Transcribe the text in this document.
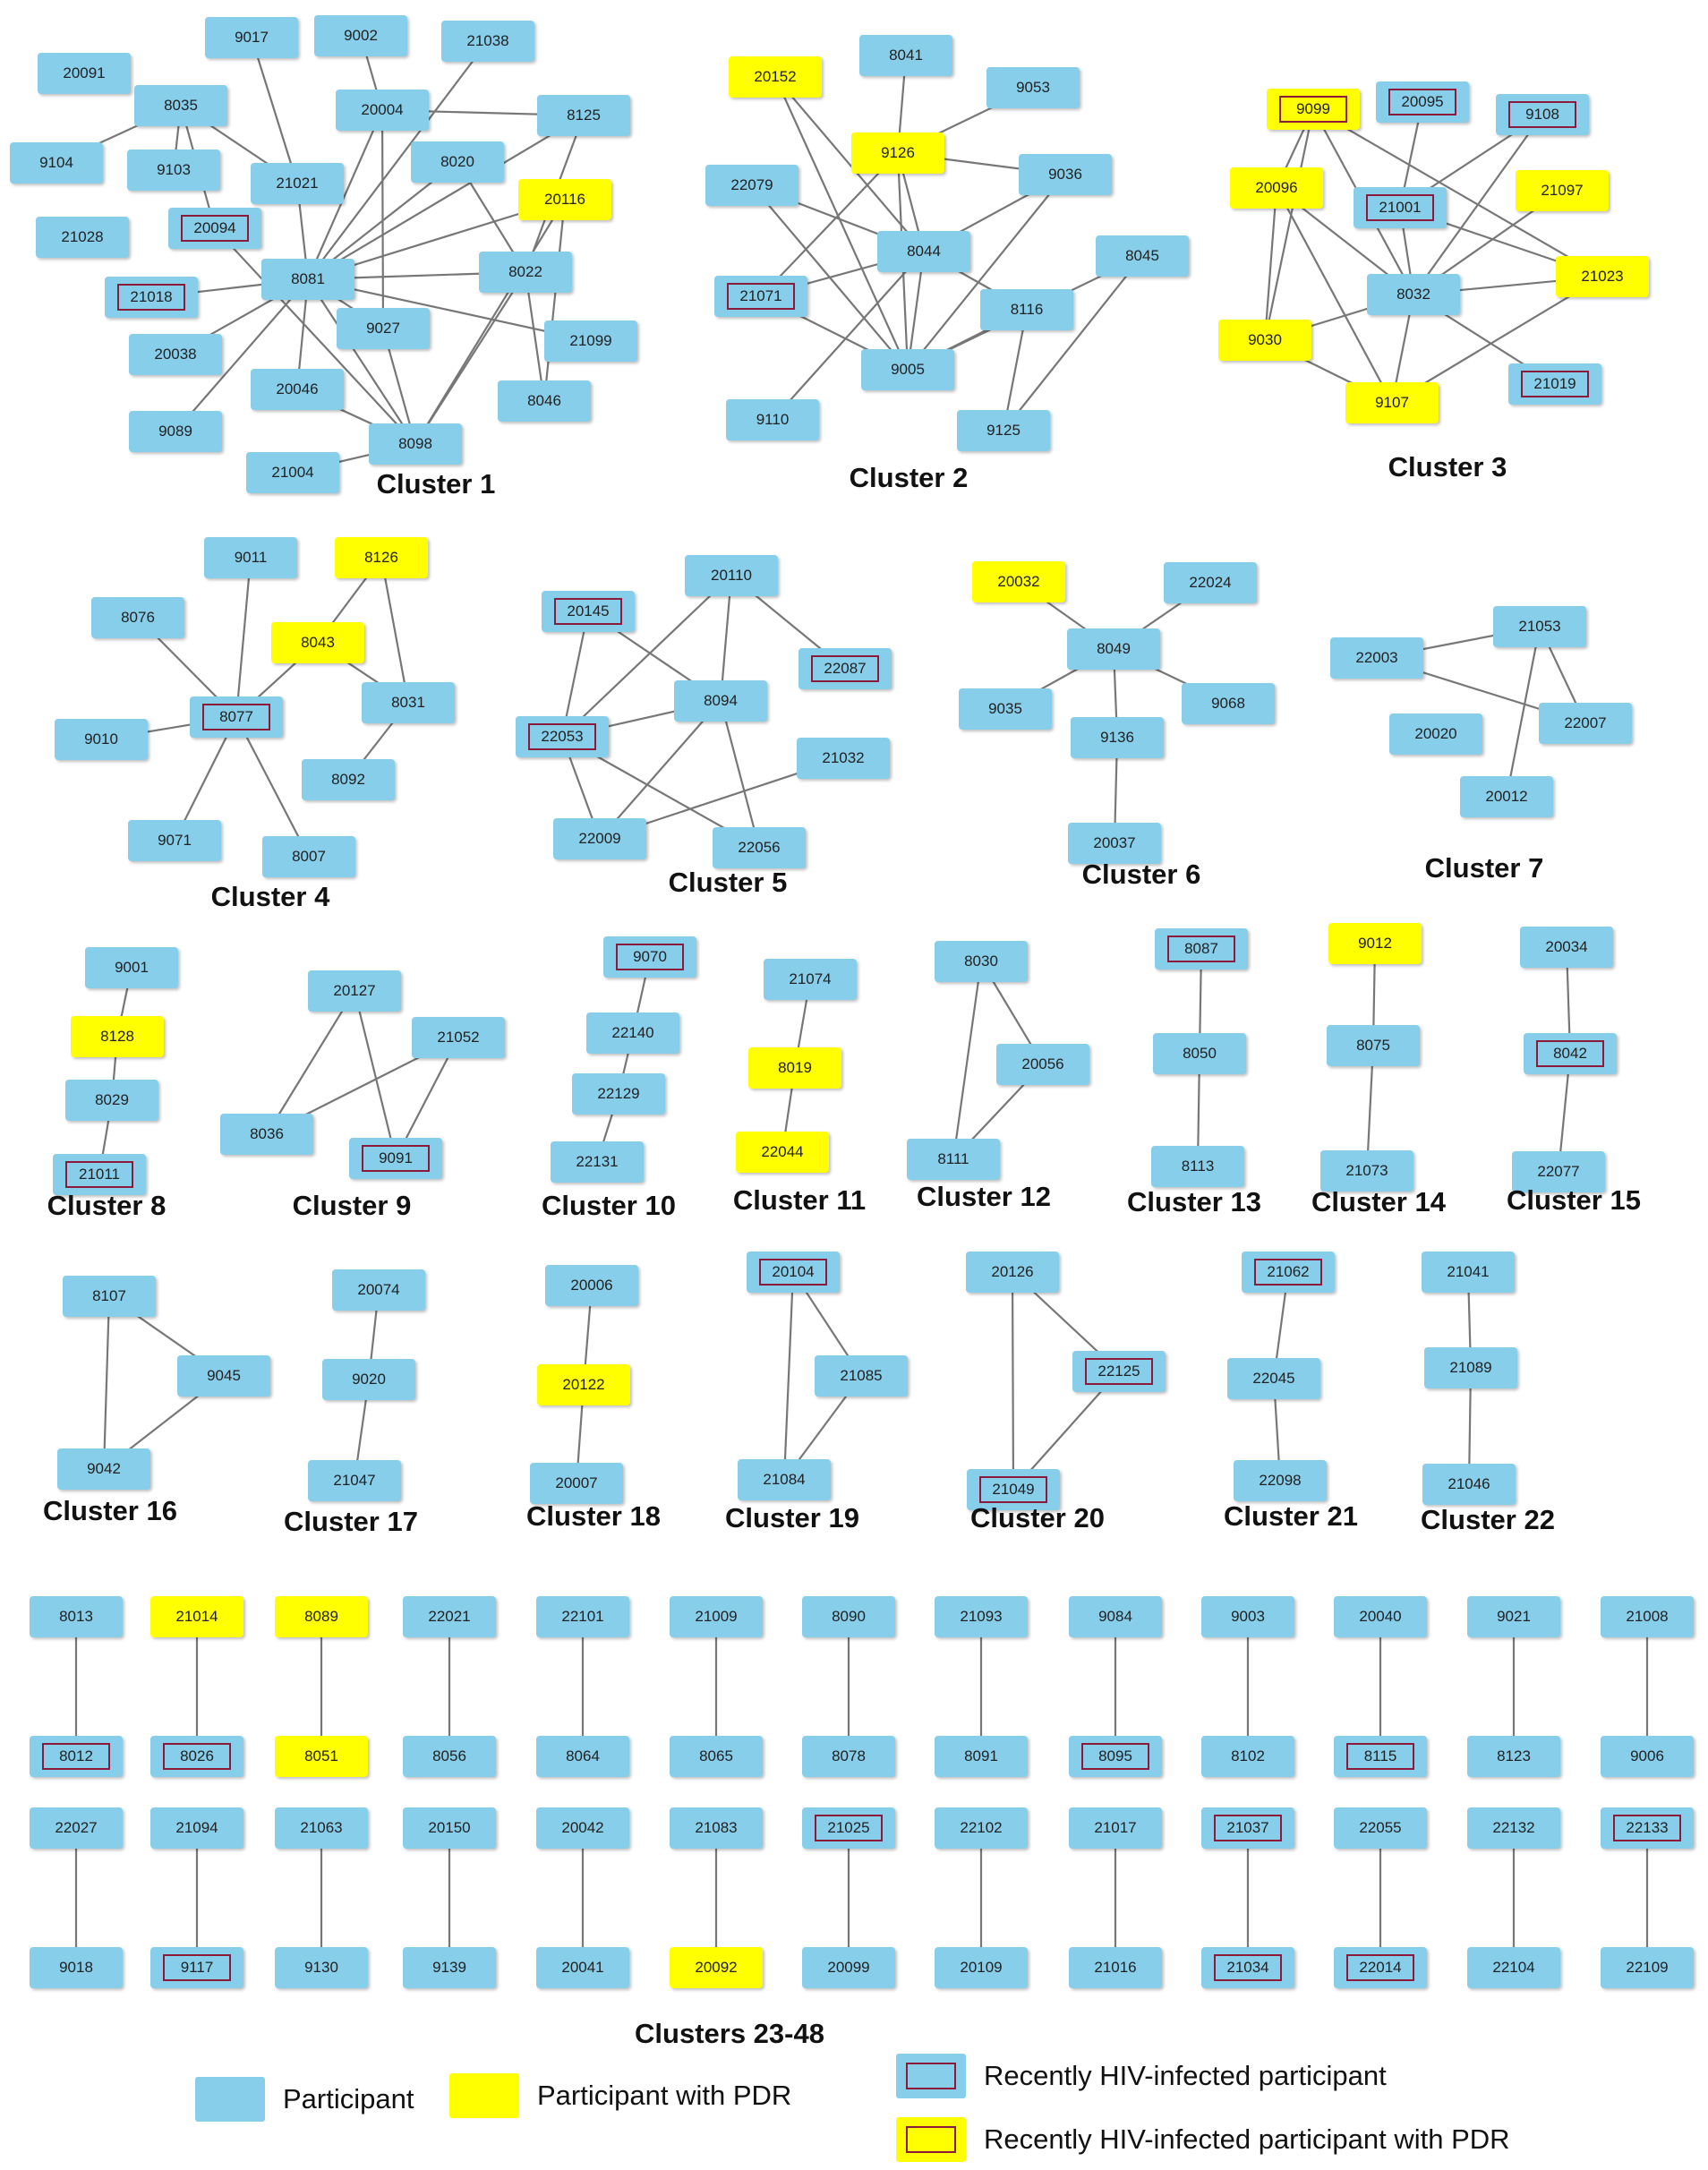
20091
9017	9002	21038
8035	20004	8125
9104	9103
21021
8020
20116
21028
20094
8081	8022
21018
9027
21099
20038
20046
8046
9089
8098
21004
20152
8041
9053
9126
22079
9036
8044	8045
21071
8116
9005
9110
9125
9099	20095
9108
20096
21001
21097
8032
21023
9030
21019
9107
9011	8126
8076
8043
8077
8031
9010
8092
9071
8007
20110
20145
22087
8094
22053
21032
22009
22056
20032	22024
8049
9035	9068
9136
20037
21053
22003
22007
20020
20012
9001
8128
8029
21011
20127
21052
8036
9091
9070
22140
22129
22131
21074
8019
22044
8030
20056
8111
8087
8050
8113
9012
8075
21073
20034
8042
22077
8107
9045
9042
20074
9020
21047
20006
20122
20007
20104
21085
21084
20126
22125
21049
21062
22045
22098
21041
21089
21046
8013
8012
21014
8026
8089
8051
22021
8056
22101
8064
21009
8065
8090
8078
21093
8091
9084
8095
9003
8102
20040
8115
9021
8123
21008
9006
22027
9018
21094
9117
21063
9130
20150
9139
20042
20041
21083
20092
21025
20099
22102
20109
21017
21016
21037
21034
22055
22014
22132
22104
22133
22109
Cluster 1	Cluster 2	Cluster 3
Cluster 4	Cluster 5	Cluster 6	Cluster 7
Cluster 8	Cluster 9	Cluster 10 Cluster 11 Cluster 12	Cluster 13 Cluster 14 Cluster 15
Cluster 16	Cluster 17	Cluster 18 Cluster 19	Cluster 20	Cluster 21 Cluster 22
Clusters 23-48
Participant	Participant with PDR
Recently HIV-infected participant
Recently HIV-infected participant with PDR
